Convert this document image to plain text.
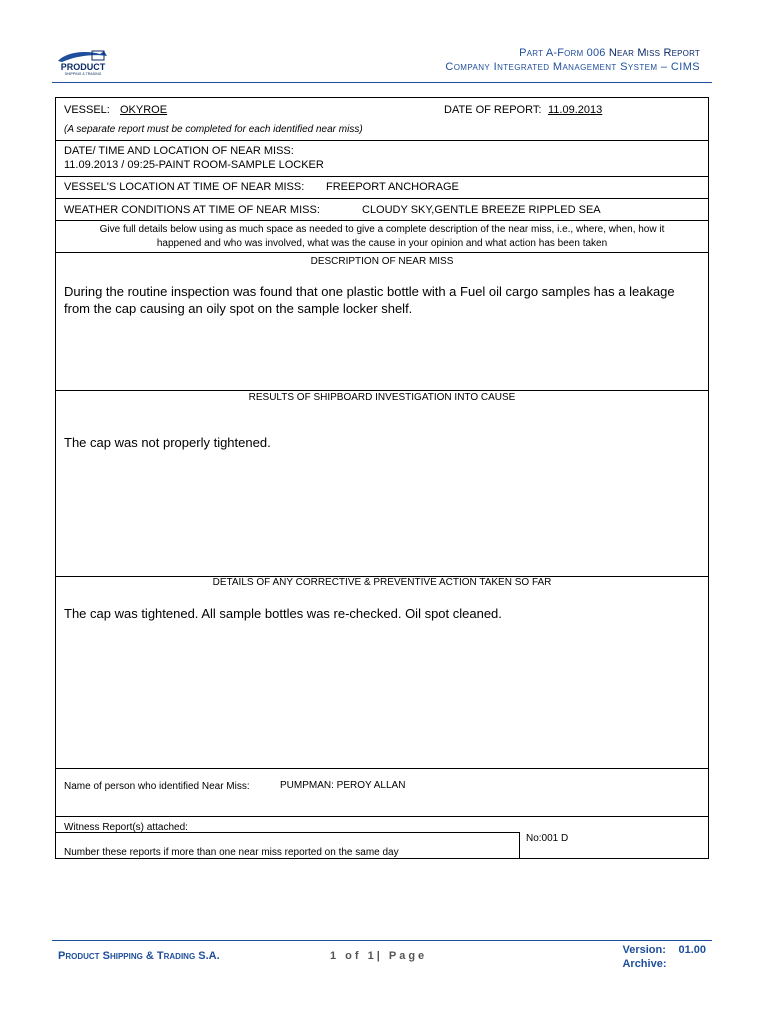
PRODUCT
SHIPPING & TRADING
Part A-Form 006 Near Miss Report
Company Integrated Management System – CIMS
VESSEL: OKYROE	DATE OF REPORT: 11.09.2013
(A separate report must be completed for each identified near miss)
DATE/ TIME AND LOCATION OF NEAR MISS:
11.09.2013 / 09:25-PAINT ROOM-SAMPLE LOCKER
VESSEL'S LOCATION AT TIME OF NEAR MISS: FREEPORT ANCHORAGE
WEATHER CONDITIONS AT TIME OF NEAR MISS:	CLOUDY SKY,GENTLE BREEZE RIPPLED SEA
Give full details below using as much space as needed to give a complete description of the near miss, i.e., where, when, how it
happened and who was involved, what was the cause in your opinion and what action has been taken
DESCRIPTION OF NEAR MISS
During the routine inspection was found that one plastic bottle with a Fuel oil cargo samples has a leakage from the cap causing an oily spot on the sample locker shelf.
RESULTS OF SHIPBOARD INVESTIGATION INTO CAUSE
The cap was not properly tightened.
DETAILS OF ANY CORRECTIVE & PREVENTIVE ACTION TAKEN SO FAR
The cap was tightened. All sample bottles was re-checked. Oil spot cleaned.
Name of person who identified Near Miss:	PUMPMAN: PEROY ALLAN
Witness Report(s) attached:
No:001 D
Number these reports if more than one near miss reported on the same day
Product Shipping & Trading S.A.	1 of 1| Page	Version: 01.00
Archive:
